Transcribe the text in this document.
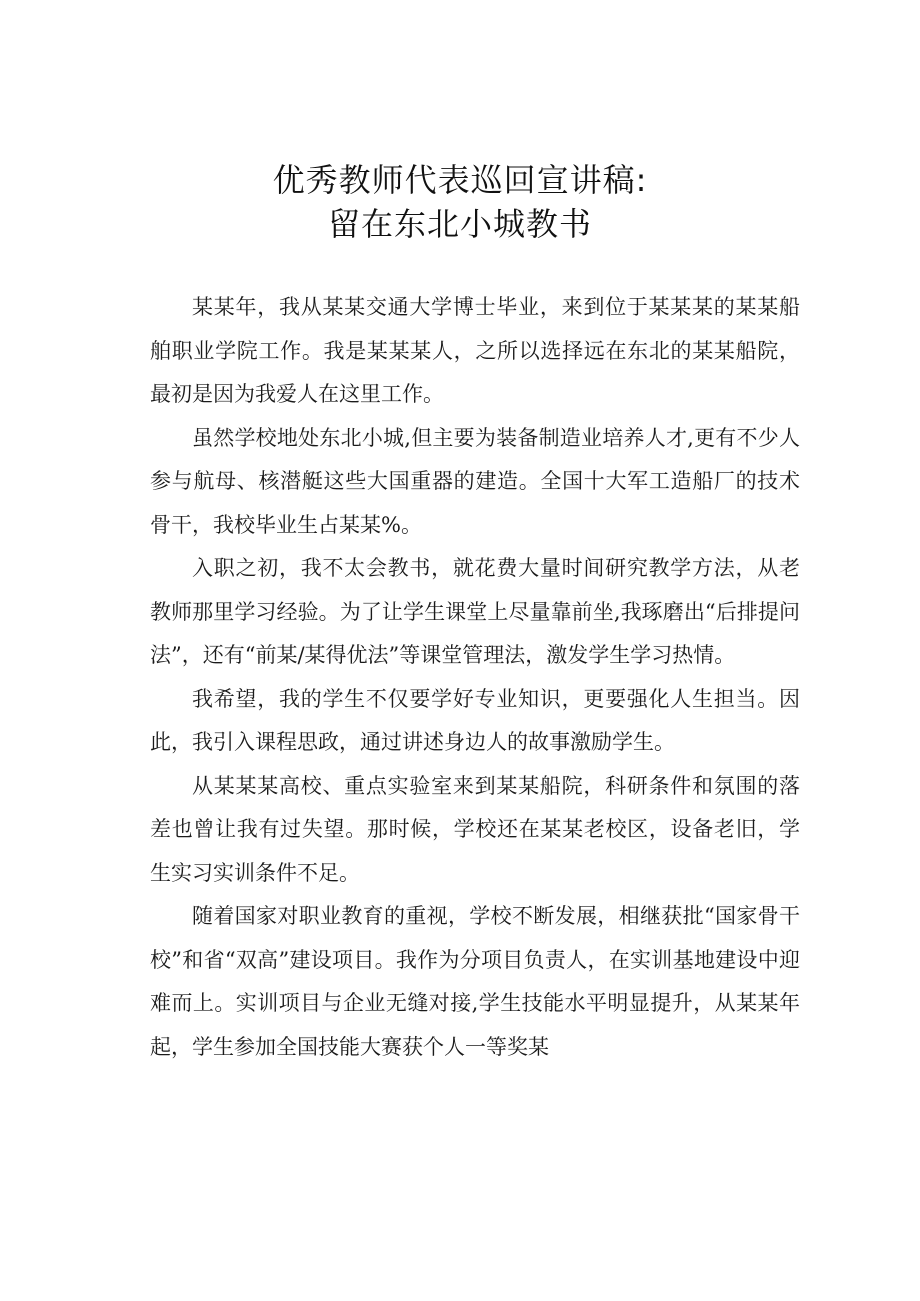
优秀教师代表巡回宣讲稿:
留在东北小城教书

某某年，我从某某交通大学博士毕业，来到位于某某某的某某船舶职业学院工作。我是某某某人，之所以选择远在东北的某某船院，最初是因为我爱人在这里工作。

虽然学校地处东北小城,但主要为装备制造业培养人才,更有不少人参与航母、核潜艇这些大国重器的建造。全国十大军工造船厂的技术骨干，我校毕业生占某某%。

入职之初，我不太会教书，就花费大量时间研究教学方法，从老教师那里学习经验。为了让学生课堂上尽量靠前坐,我琢磨出“后排提问法”，还有“前某/某得优法”等课堂管理法，激发学生学习热情。

我希望，我的学生不仅要学好专业知识，更要强化人生担当。因此，我引入课程思政，通过讲述身边人的故事激励学生。

从某某某高校、重点实验室来到某某船院，科研条件和氛围的落差也曾让我有过失望。那时候，学校还在某某老校区，设备老旧，学生实习实训条件不足。

随着国家对职业教育的重视，学校不断发展，相继获批“国家骨干校”和省“双高”建设项目。我作为分项目负责人，在实训基地建设中迎难而上。实训项目与企业无缝对接,学生技能水平明显提升，从某某年起，学生参加全国技能大赛获个人一等奖某
